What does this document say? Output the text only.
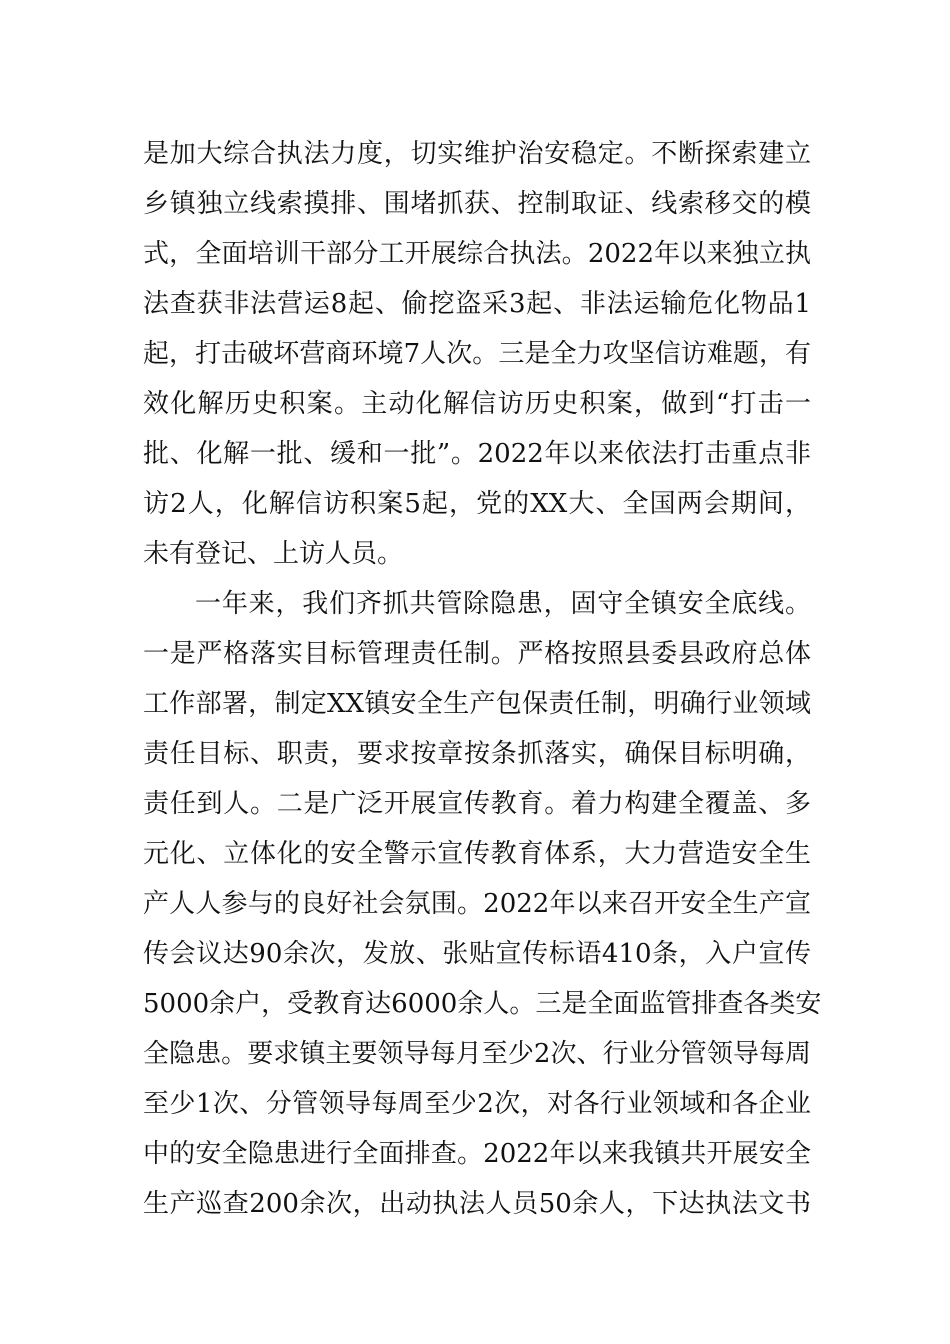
是加大综合执法力度，切实维护治安稳定。不断探索建立
乡镇独立线索摸排、围堵抓获、控制取证、线索移交的模
式，全面培训干部分工开展综合执法。2022年以来独立执
法查获非法营运8起、偷挖盗采3起、非法运输危化物品1
起，打击破坏营商环境7人次。三是全力攻坚信访难题，有
效化解历史积案。主动化解信访历史积案，做到“打击一
批、化解一批、缓和一批”。2022年以来依法打击重点非
访2人，化解信访积案5起，党的XX大、全国两会期间，
未有登记、上访人员。
一年来，我们齐抓共管除隐患，固守全镇安全底线。
一是严格落实目标管理责任制。严格按照县委县政府总体
工作部署，制定XX镇安全生产包保责任制，明确行业领域
责任目标、职责，要求按章按条抓落实，确保目标明确，
责任到人。二是广泛开展宣传教育。着力构建全覆盖、多
元化、立体化的安全警示宣传教育体系，大力营造安全生
产人人参与的良好社会氛围。2022年以来召开安全生产宣
传会议达90余次，发放、张贴宣传标语410条，入户宣传
5000余户，受教育达6000余人。三是全面监管排查各类安
全隐患。要求镇主要领导每月至少2次、行业分管领导每周
至少1次、分管领导每周至少2次，对各行业领域和各企业
中的安全隐患进行全面排查。2022年以来我镇共开展安全
生产巡查200余次，出动执法人员50余人，下达执法文书
